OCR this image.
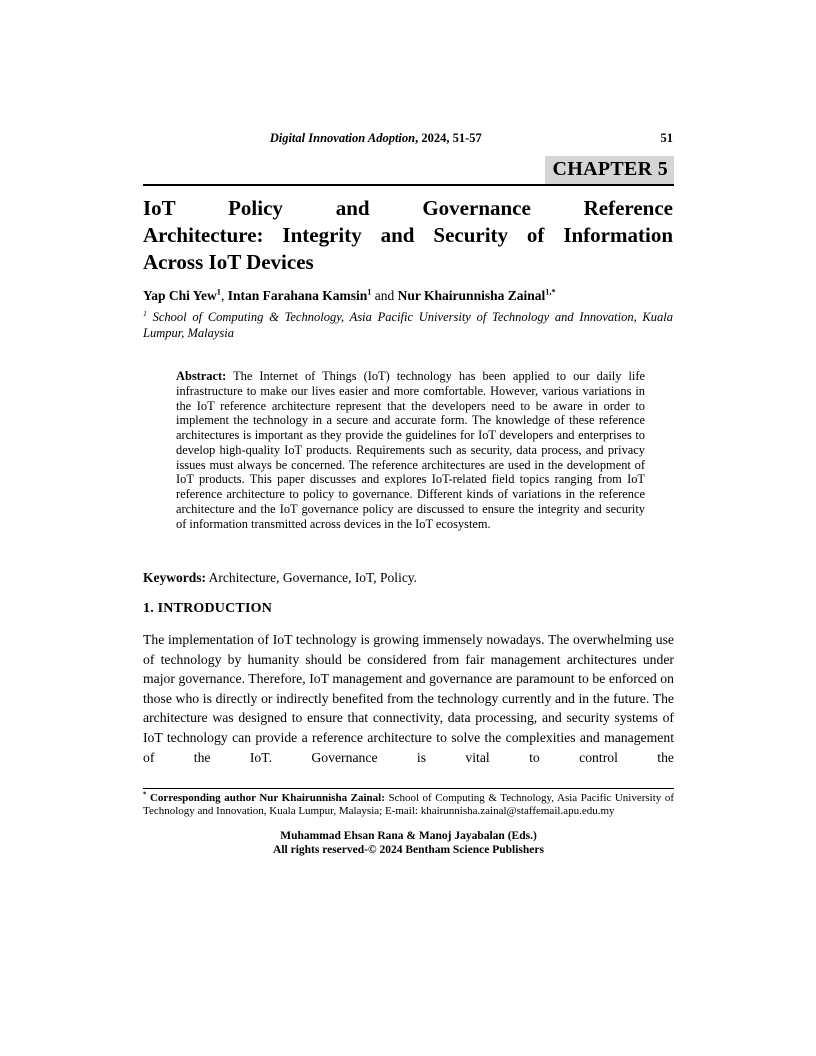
Digital Innovation Adoption, 2024, 51-57	51
CHAPTER 5
IoT Policy and Governance Reference
Architecture: Integrity and Security of Information
Across IoT Devices
Yap Chi Yew$^1$, Intan Farahana Kamsin$^1$ and Nur Khairunnisha Zainal$^{1,*}$
$^1$ School of Computing & Technology, Asia Pacific University of Technology and Innovation, Kuala Lumpur, Malaysia
Abstract: The Internet of Things (IoT) technology has been applied to our daily life infrastructure to make our lives easier and more comfortable. However, various variations in the IoT reference architecture represent that the developers need to be aware in order to implement the technology in a secure and accurate form. The knowledge of these reference architectures is important as they provide the guidelines for IoT developers and enterprises to develop high-quality IoT products. Requirements such as security, data process, and privacy issues must always be concerned. The reference architectures are used in the development of IoT products. This paper discusses and explores IoT-related field topics ranging from IoT reference architecture to policy to governance. Different kinds of variations in the reference architecture and the IoT governance policy are discussed to ensure the integrity and security of information transmitted across devices in the IoT ecosystem.
Keywords: Architecture, Governance, IoT, Policy.
1. INTRODUCTION
The implementation of IoT technology is growing immensely nowadays. The overwhelming use of technology by humanity should be considered from fair management architectures under major governance. Therefore, IoT management and governance are paramount to be enforced on those who is directly or indirectly benefited from the technology currently and in the future. The architecture was designed to ensure that connectivity, data processing, and security systems of IoT technology can provide a reference architecture to solve the complexities and management of the IoT. Governance is vital to control the
* Corresponding author Nur Khairunnisha Zainal: School of Computing & Technology, Asia Pacific University of Technology and Innovation, Kuala Lumpur, Malaysia; E-mail: khairunnisha.zainal@staffemail.apu.edu.my
Muhammad Ehsan Rana & Manoj Jayabalan (Eds.)
All rights reserved-© 2024 Bentham Science Publishers
